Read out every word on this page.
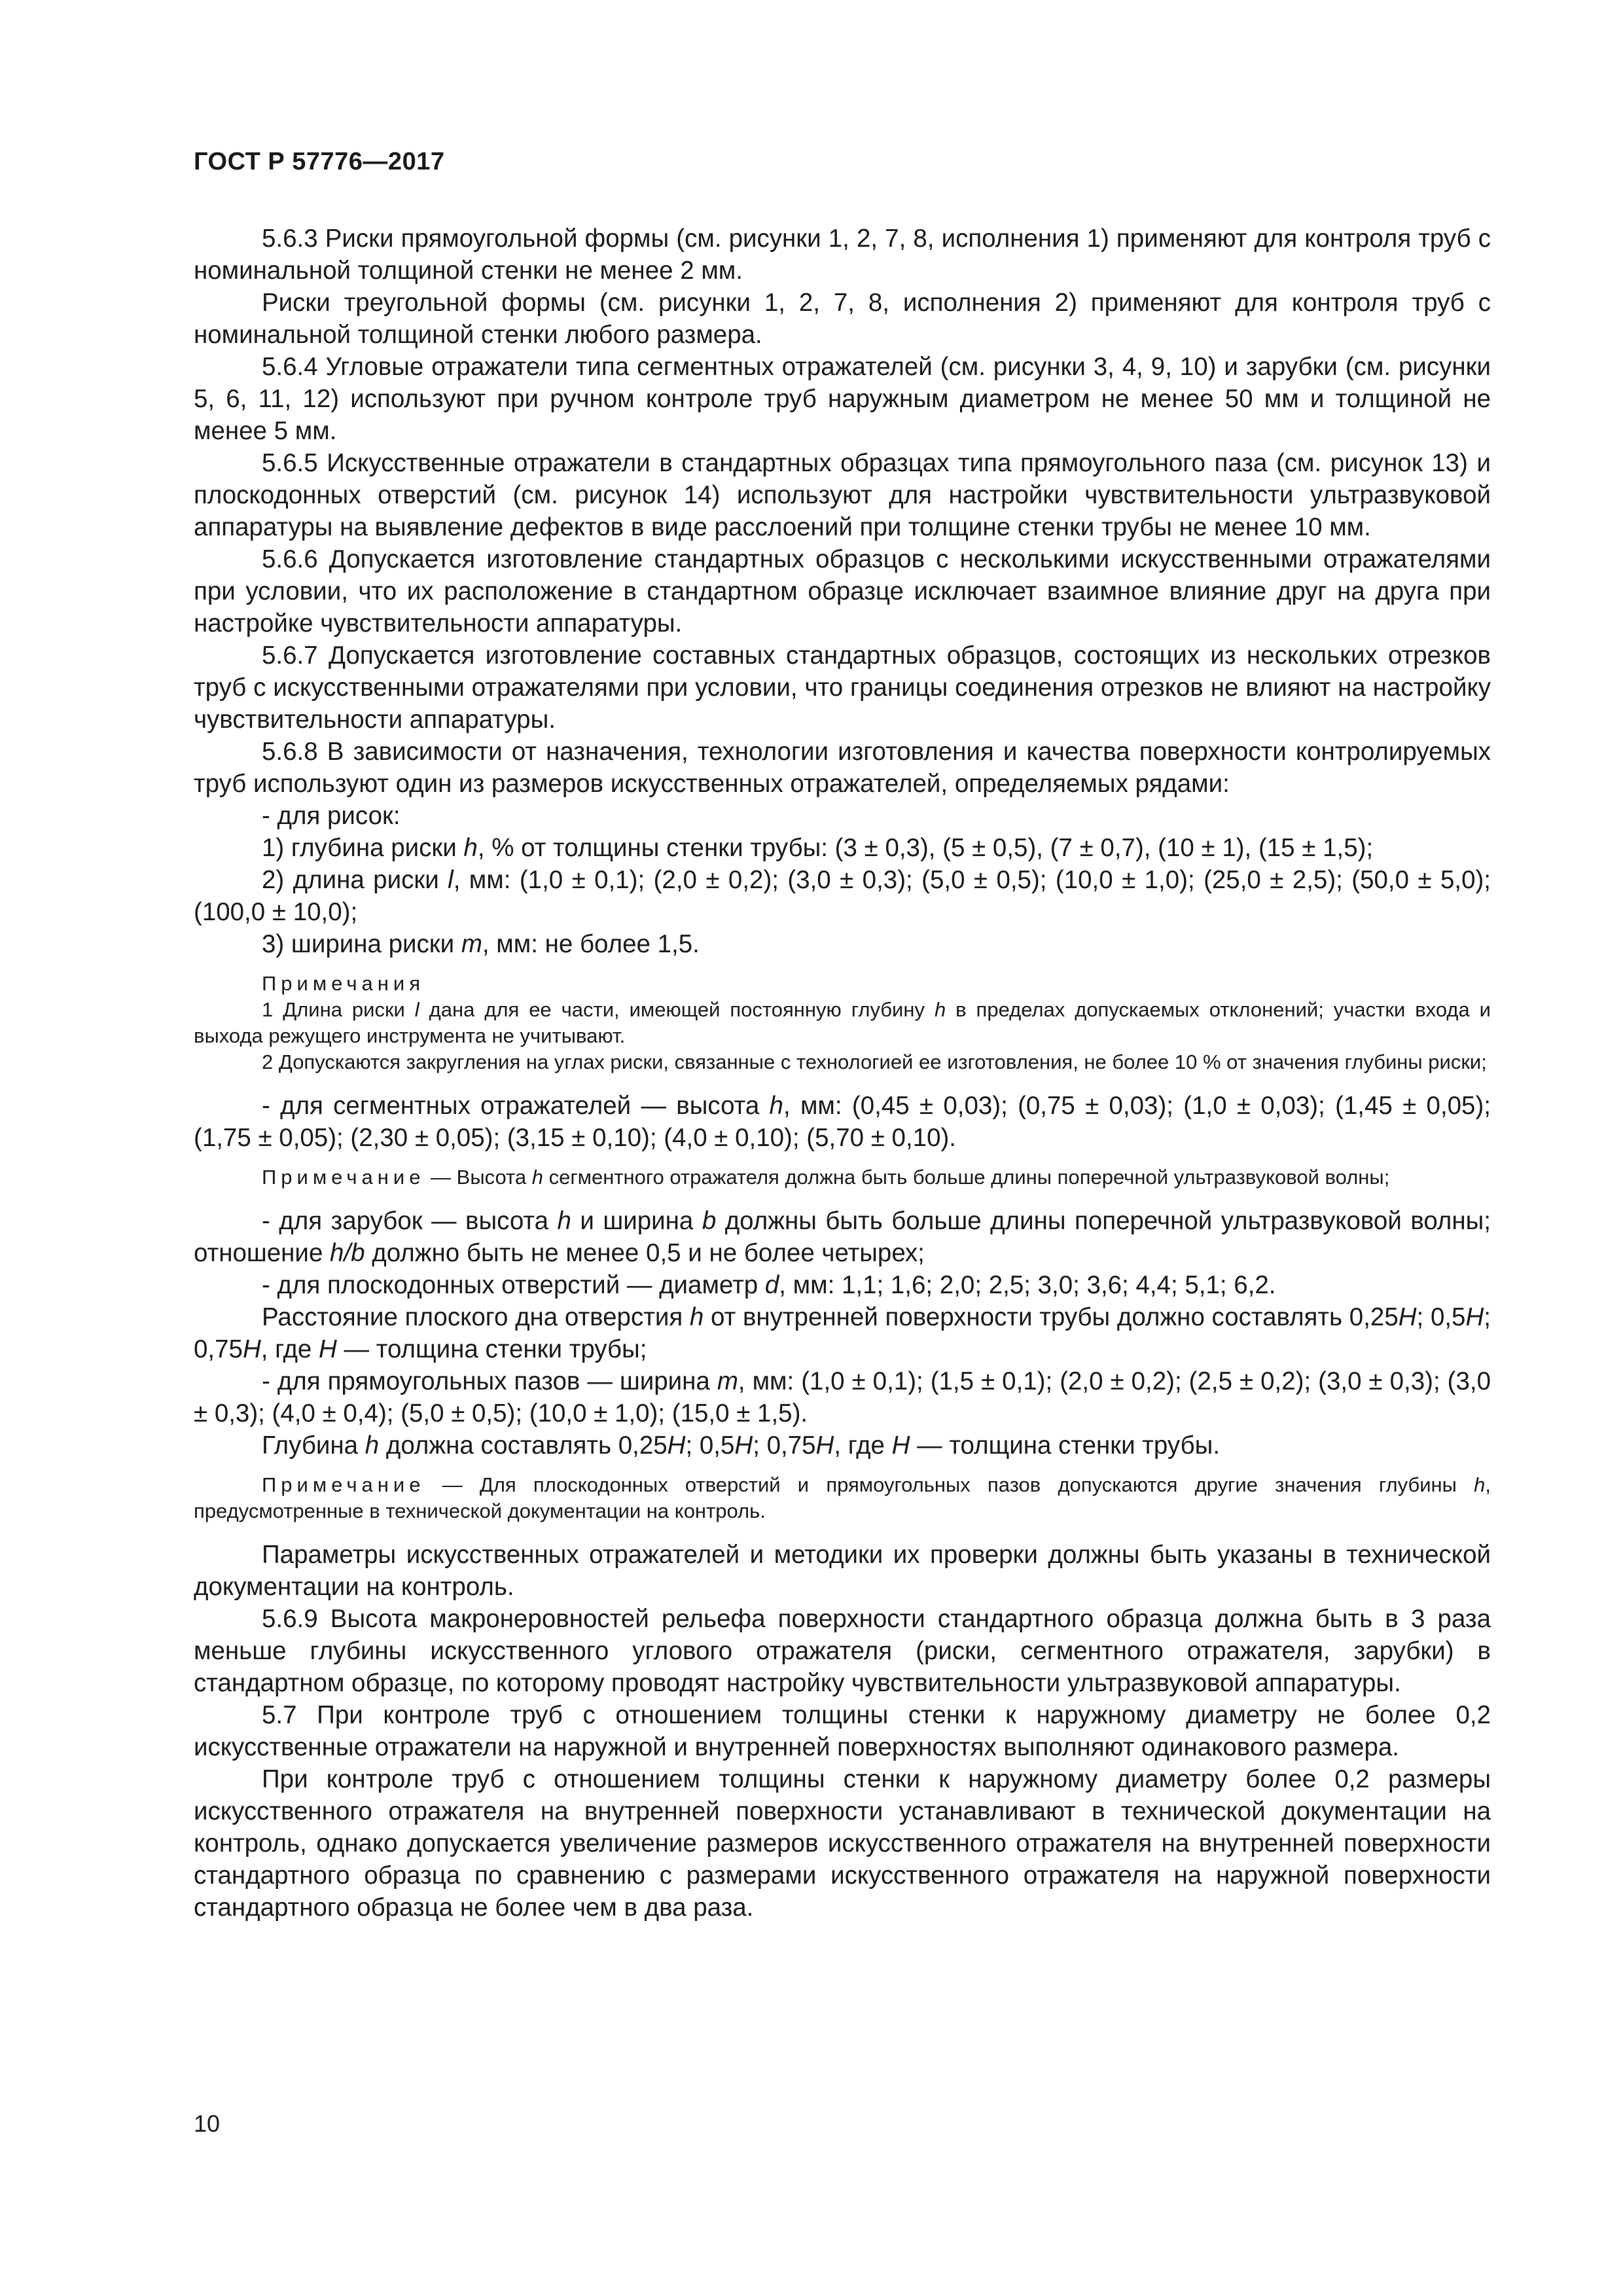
ГОСТ Р 57776—2017

5.6.3 Риски прямоугольной формы (см. рисунки 1, 2, 7, 8, исполнения 1) применяют для контроля труб с номинальной толщиной стенки не менее 2 мм.

Риски треугольной формы (см. рисунки 1, 2, 7, 8, исполнения 2) применяют для контроля труб с номинальной толщиной стенки любого размера.

5.6.4 Угловые отражатели типа сегментных отражателей (см. рисунки 3, 4, 9, 10) и зарубки (см. рисунки 5, 6, 11, 12) используют при ручном контроле труб наружным диаметром не менее 50 мм и толщиной не менее 5 мм.

5.6.5 Искусственные отражатели в стандартных образцах типа прямоугольного паза (см. рисунок 13) и плоскодонных отверстий (см. рисунок 14) используют для настройки чувствительности ультразвуковой аппаратуры на выявление дефектов в виде расслоений при толщине стенки трубы не менее 10 мм.

5.6.6 Допускается изготовление стандартных образцов с несколькими искусственными отражателями при условии, что их расположение в стандартном образце исключает взаимное влияние друг на друга при настройке чувствительности аппаратуры.

5.6.7 Допускается изготовление составных стандартных образцов, состоящих из нескольких отрезков труб с искусственными отражателями при условии, что границы соединения отрезков не влияют на настройку чувствительности аппаратуры.

5.6.8 В зависимости от назначения, технологии изготовления и качества поверхности контролируемых труб используют один из размеров искусственных отражателей, определяемых рядами:

- для рисок:

1) глубина риски h, % от толщины стенки трубы: (3 ± 0,3), (5 ± 0,5), (7 ± 0,7), (10 ± 1), (15 ± 1,5);

2) длина риски l, мм: (1,0 ± 0,1); (2,0 ± 0,2); (3,0 ± 0,3); (5,0 ± 0,5); (10,0 ± 1,0); (25,0 ± 2,5); (50,0 ± 5,0); (100,0 ± 10,0);

3) ширина риски m, мм: не более 1,5.

Примечания

1 Длина риски l дана для ее части, имеющей постоянную глубину h в пределах допускаемых отклонений; участки входа и выхода режущего инструмента не учитывают.

2 Допускаются закругления на углах риски, связанные с технологией ее изготовления, не более 10 % от значения глубины риски;

- для сегментных отражателей — высота h, мм: (0,45 ± 0,03); (0,75 ± 0,03); (1,0 ± 0,03); (1,45 ± 0,05); (1,75 ± 0,05); (2,30 ± 0,05); (3,15 ± 0,10); (4,0 ± 0,10); (5,70 ± 0,10).

Примечание — Высота h сегментного отражателя должна быть больше длины поперечной ультразвуковой волны;

- для зарубок — высота h и ширина b должны быть больше длины поперечной ультразвуковой волны; отношение h/b должно быть не менее 0,5 и не более четырех;

- для плоскодонных отверстий — диаметр d, мм: 1,1; 1,6; 2,0; 2,5; 3,0; 3,6; 4,4; 5,1; 6,2.

Расстояние плоского дна отверстия h от внутренней поверхности трубы должно составлять 0,25H; 0,5H; 0,75H, где H — толщина стенки трубы;

- для прямоугольных пазов — ширина m, мм: (1,0 ± 0,1); (1,5 ± 0,1); (2,0 ± 0,2); (2,5 ± 0,2); (3,0 ± 0,3); (3,0 ± 0,3); (4,0 ± 0,4); (5,0 ± 0,5); (10,0 ± 1,0); (15,0 ± 1,5).

Глубина h должна составлять 0,25H; 0,5H; 0,75H, где H — толщина стенки трубы.

Примечание — Для плоскодонных отверстий и прямоугольных пазов допускаются другие значения глубины h, предусмотренные в технической документации на контроль.

Параметры искусственных отражателей и методики их проверки должны быть указаны в технической документации на контроль.

5.6.9 Высота макронеровностей рельефа поверхности стандартного образца должна быть в 3 раза меньше глубины искусственного углового отражателя (риски, сегментного отражателя, зарубки) в стандартном образце, по которому проводят настройку чувствительности ультразвуковой аппаратуры.

5.7 При контроле труб с отношением толщины стенки к наружному диаметру не более 0,2 искусственные отражатели на наружной и внутренней поверхностях выполняют одинакового размера.

При контроле труб с отношением толщины стенки к наружному диаметру более 0,2 размеры искусственного отражателя на внутренней поверхности устанавливают в технической документации на контроль, однако допускается увеличение размеров искусственного отражателя на внутренней поверхности стандартного образца по сравнению с размерами искусственного отражателя на наружной поверхности стандартного образца не более чем в два раза.

10
